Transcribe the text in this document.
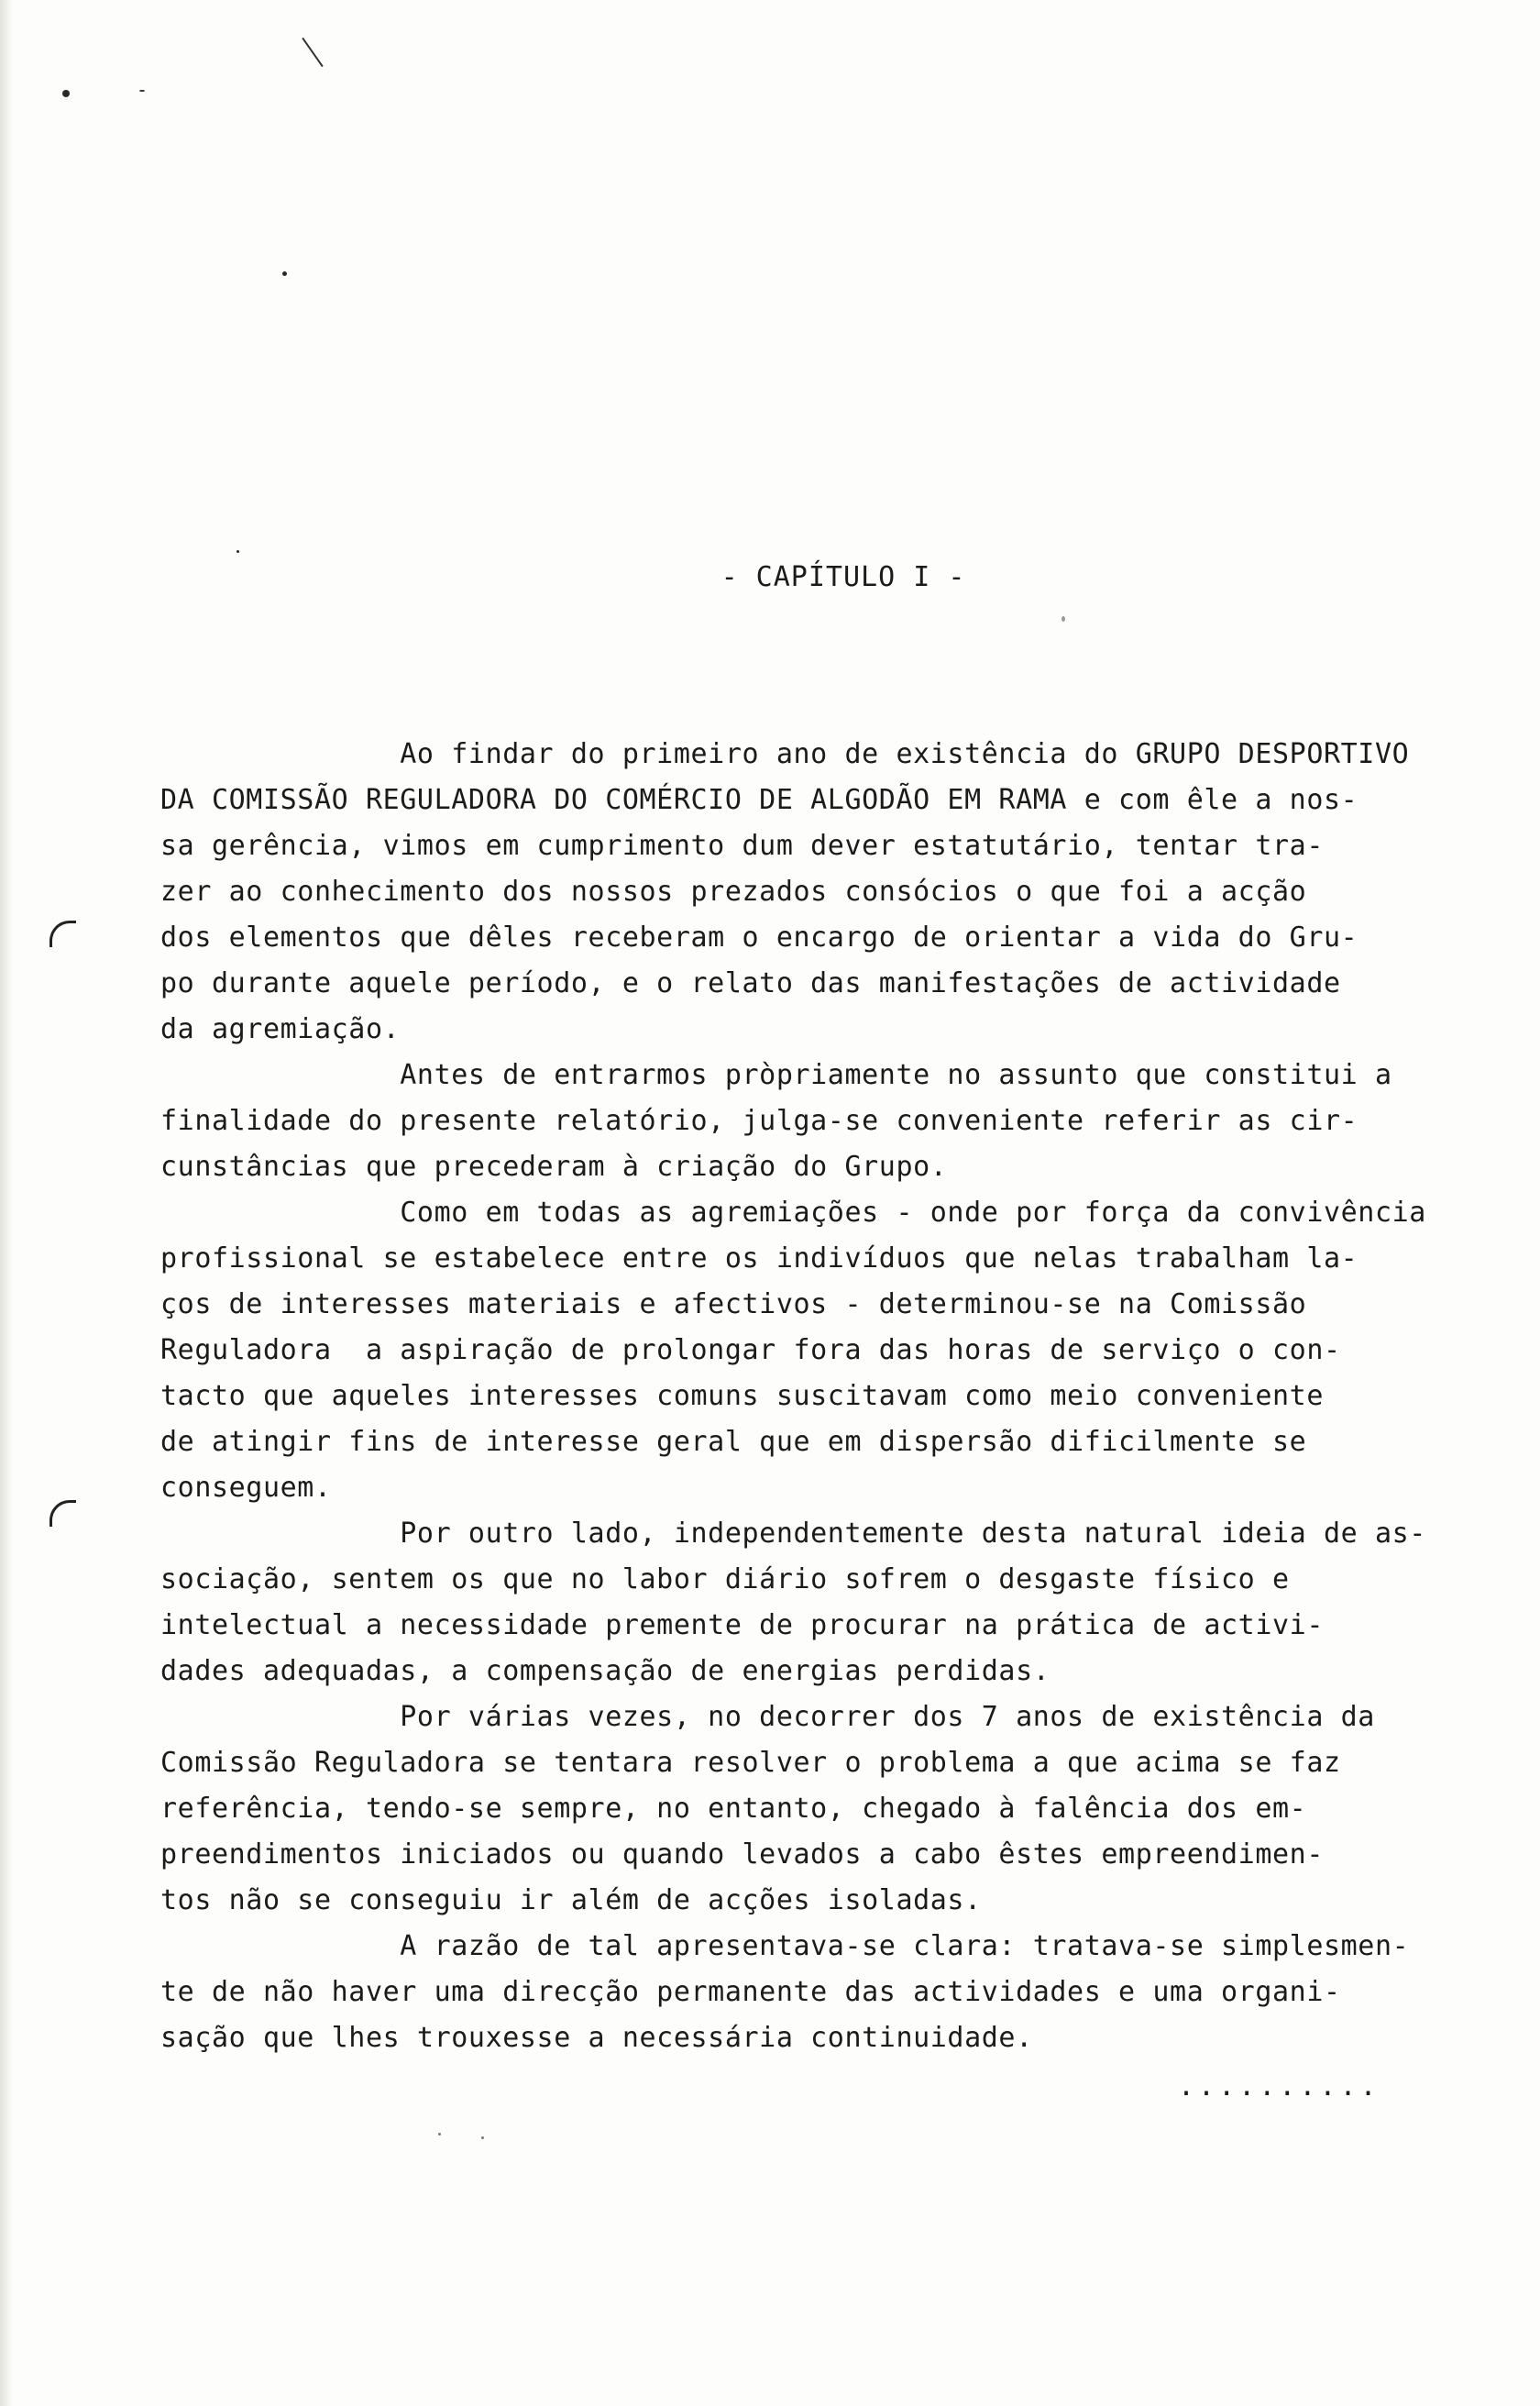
- CAPÍTULO I -
Ao findar do primeiro ano de existência do GRUPO DESPORTIVO
DA COMISSÃO REGULADORA DO COMÉRCIO DE ALGODÃO EM RAMA e com êle a nos-
sa gerência, vimos em cumprimento dum dever estatutário, tentar tra-
zer ao conhecimento dos nossos prezados consócios o que foi a acção
dos elementos que dêles receberam o encargo de orientar a vida do Gru-
po durante aquele período, e o relato das manifestações de actividade
da agremiação.
Antes de entrarmos pròpriamente no assunto que constitui a
finalidade do presente relatório, julga-se conveniente referir as cir-
cunstâncias que precederam à criação do Grupo.
Como em todas as agremiações - onde por força da convivência
profissional se estabelece entre os indivíduos que nelas trabalham la-
ços de interesses materiais e afectivos - determinou-se na Comissão
Reguladora  a aspiração de prolongar fora das horas de serviço o con-
tacto que aqueles interesses comuns suscitavam como meio conveniente
de atingir fins de interesse geral que em dispersão dificilmente se
conseguem.
Por outro lado, independentemente desta natural ideia de as-
sociação, sentem os que no labor diário sofrem o desgaste físico e
intelectual a necessidade premente de procurar na prática de activi-
dades adequadas, a compensação de energias perdidas.
Por várias vezes, no decorrer dos 7 anos de existência da
Comissão Reguladora se tentara resolver o problema a que acima se faz
referência, tendo-se sempre, no entanto, chegado à falência dos em-
preendimentos iniciados ou quando levados a cabo êstes empreendimen-
tos não se conseguiu ir além de acções isoladas.
A razão de tal apresentava-se clara: tratava-se simplesmen-
te de não haver uma direcção permanente das actividades e uma organi-
sação que lhes trouxesse a necessária continuidade.
..........
